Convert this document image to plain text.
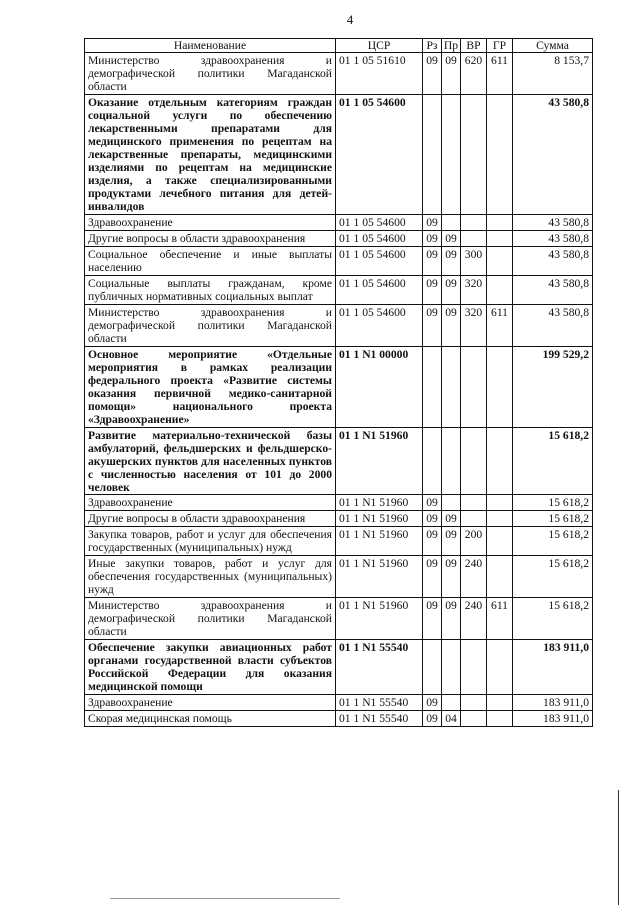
4
Наименование	ЦСР	Рз	Пр	ВР	ГР	Сумма
Министерство здравоохранения и демографической политики Магаданской области	01 1 05 51610	09	09	620	611	8 153,7
Оказание отдельным категориям граждан социальной услуги по обеспечению лекарственными препаратами для медицинского применения по рецептам на лекарственные препараты, медицинскими изделиями по рецептам на медицинские изделия, а также специализированными продуктами лечебного питания для детей-инвалидов	01 1 05 54600					43 580,8
Здравоохранение	01 1 05 54600	09				43 580,8
Другие вопросы в области здравоохранения	01 1 05 54600	09	09			43 580,8
Социальное обеспечение и иные выплаты населению	01 1 05 54600	09	09	300		43 580,8
Социальные выплаты гражданам, кроме публичных нормативных социальных выплат	01 1 05 54600	09	09	320		43 580,8
Министерство здравоохранения и демографической политики Магаданской области	01 1 05 54600	09	09	320	611	43 580,8
Основное мероприятие «Отдельные мероприятия в рамках реализации федерального проекта «Развитие системы оказания первичной медико-санитарной помощи» национального проекта «Здравоохранение»	01 1 N1 00000					199 529,2
Развитие материально-технической базы амбулаторий, фельдшерских и фельдшерско-акушерских пунктов для населенных пунктов с численностью населения от 101 до 2000 человек	01 1 N1 51960					15 618,2
Здравоохранение	01 1 N1 51960	09				15 618,2
Другие вопросы в области здравоохранения	01 1 N1 51960	09	09			15 618,2
Закупка товаров, работ и услуг для обеспечения государственных (муниципальных) нужд	01 1 N1 51960	09	09	200		15 618,2
Иные закупки товаров, работ и услуг для обеспечения государственных (муниципальных) нужд	01 1 N1 51960	09	09	240		15 618,2
Министерство здравоохранения и демографической политики Магаданской области	01 1 N1 51960	09	09	240	611	15 618,2
Обеспечение закупки авиационных работ органами государственной власти субъектов Российской Федерации для оказания медицинской помощи	01 1 N1 55540					183 911,0
Здравоохранение	01 1 N1 55540	09				183 911,0
Скорая медицинская помощь	01 1 N1 55540	09	04			183 911,0
